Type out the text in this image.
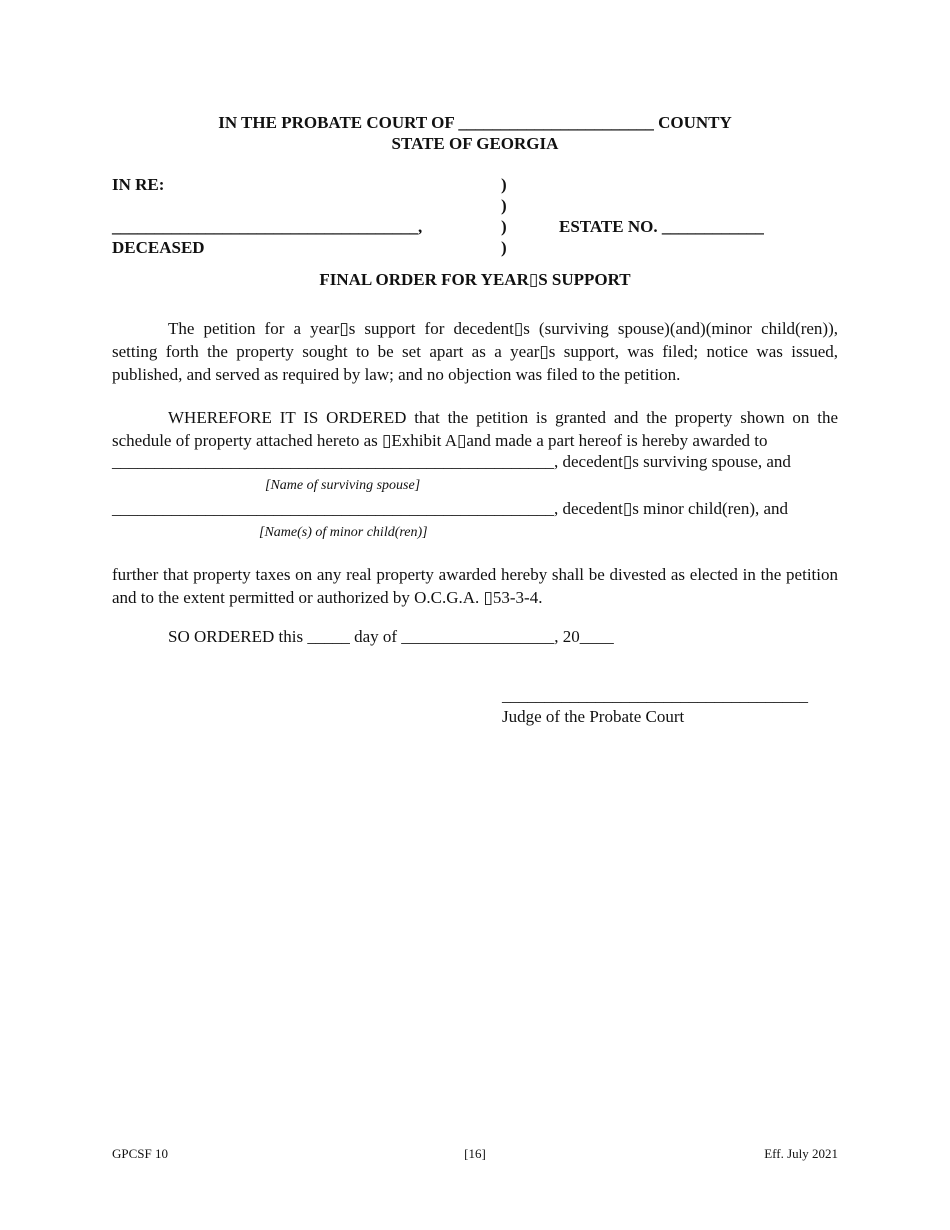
IN THE PROBATE COURT OF _______________________ COUNTY
STATE OF GEORGIA
IN RE:	)
)
)
)
____________________________________,	ESTATE NO. ____________
DECEASED
FINAL ORDER FOR YEAR▯S SUPPORT
The petition for a year▯s support for decedent▯s (surviving spouse)(and)(minor child(ren)), setting forth the property sought to be set apart as a year▯s support, was filed; notice was issued, published, and served as required by law; and no objection was filed to the petition.
WHEREFORE IT IS ORDERED that the petition is granted and the property shown on the schedule of property attached hereto as ▯Exhibit A▯and made a part hereof is hereby awarded to
____________________________________________________, decedent▯s surviving spouse, and
[Name of surviving spouse]
____________________________________________________, decedent▯s minor child(ren), and
[Name(s) of minor child(ren)]
further that property taxes on any real property awarded hereby shall be divested as elected in the petition and to the extent permitted or authorized by O.C.G.A. ▯53-3-4.
SO ORDERED this _____ day of __________________, 20____
____________________________________
Judge of the Probate Court
GPCSF 10	[16]	Eff. July 2021
